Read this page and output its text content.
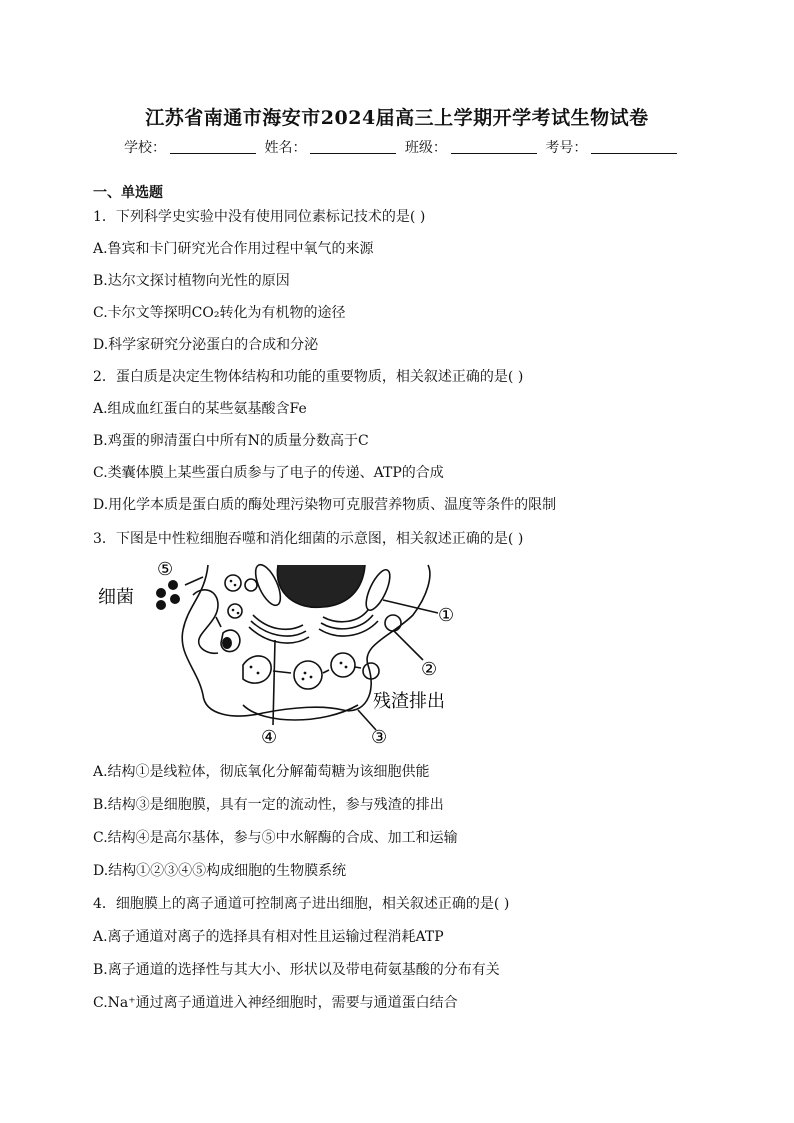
江苏省南通市海安市2024届高三上学期开学考试生物试卷
学校：	姓名：	班级：	考号：
一、单选题
1．下列科学史实验中没有使用同位素标记技术的是( )
A.鲁宾和卡门研究光合作用过程中氧气的来源
B.达尔文探讨植物向光性的原因
C.卡尔文等探明CO₂转化为有机物的途径
D.科学家研究分泌蛋白的合成和分泌
2．蛋白质是决定生物体结构和功能的重要物质，相关叙述正确的是( )
A.组成血红蛋白的某些氨基酸含Fe
B.鸡蛋的卵清蛋白中所有N的质量分数高于C
C.类囊体膜上某些蛋白质参与了电子的传递、ATP的合成
D.用化学本质是蛋白质的酶处理污染物可克服营养物质、温度等条件的限制
3．下图是中性粒细胞吞噬和消化细菌的示意图，相关叙述正确的是( )
细菌
残渣排出
①
②
③
④
⑤
A.结构①是线粒体，彻底氧化分解葡萄糖为该细胞供能
B.结构③是细胞膜，具有一定的流动性，参与残渣的排出
C.结构④是高尔基体，参与⑤中水解酶的合成、加工和运输
D.结构①②③④⑤构成细胞的生物膜系统
4．细胞膜上的离子通道可控制离子进出细胞，相关叙述正确的是( )
A.离子通道对离子的选择具有相对性且运输过程消耗ATP
B.离子通道的选择性与其大小、形状以及带电荷氨基酸的分布有关
C.Na⁺通过离子通道进入神经细胞时，需要与通道蛋白结合
